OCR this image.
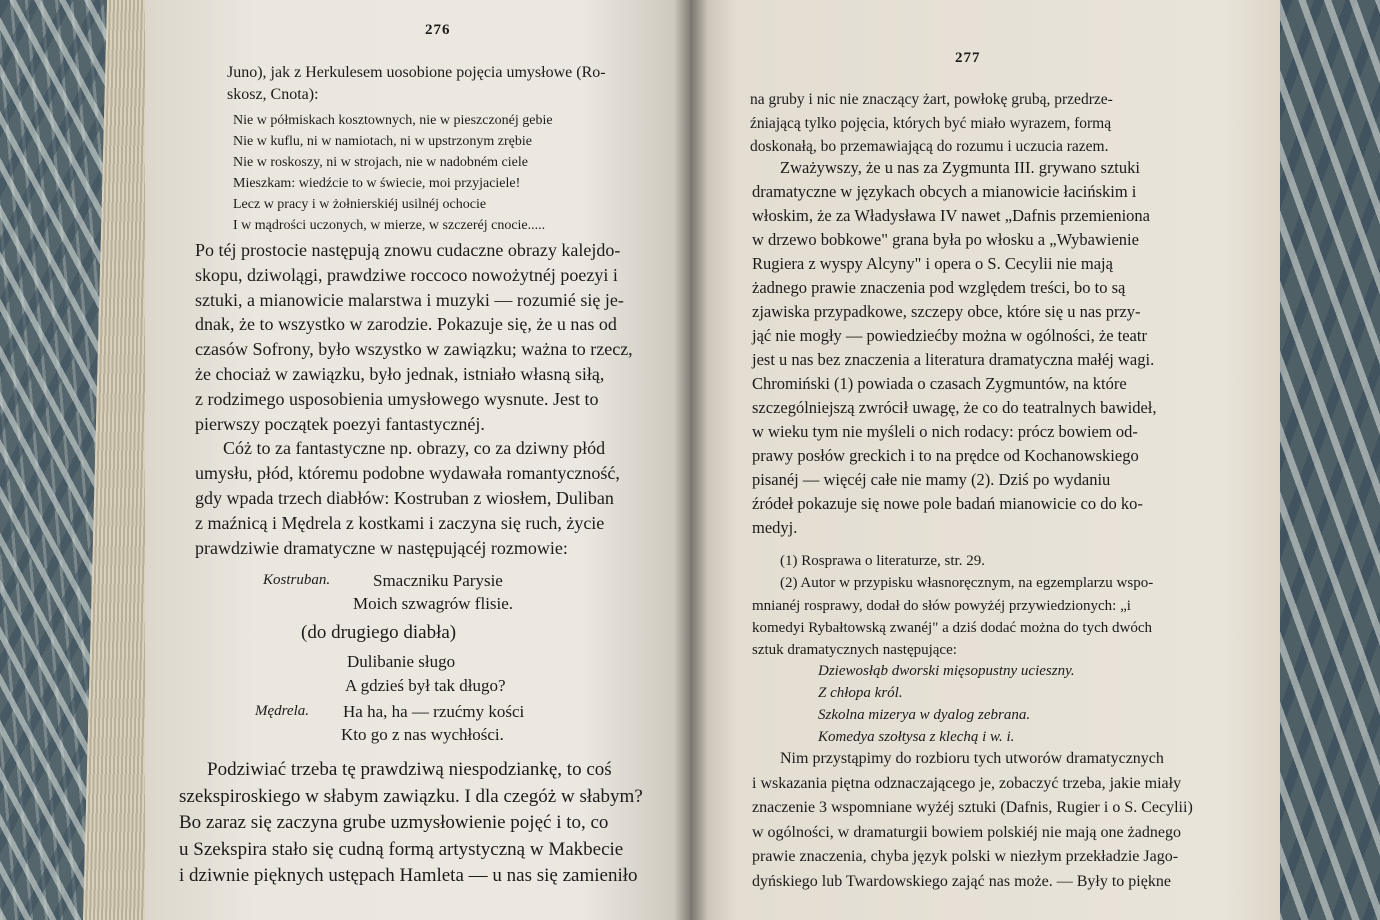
276
Juno), jak z Herkulesem uosobione pojęcia umysłowe (Ro-
skosz, Cnota):
Nie w półmiskach kosztownych, nie w pieszczonéj gebie
Nie w kuflu, ni w namiotach, ni w upstrzonym zrębie
Nie w roskoszy, ni w strojach, nie w nadobném ciele
Mieszkam: wiedźcie to w świecie, moi przyjaciele!
Lecz w pracy i w żołnierskiéj usilnéj ochocie
I w mądrości uczonych, w mierze, w szczeréj cnocie.....
Po téj prostocie następują znowu cudaczne obrazy kalejdo-
skopu, dziwolągi, prawdziwe roccoco nowożytnéj poezyi i
sztuki, a mianowicie malarstwa i muzyki — rozumié się je-
dnak, że to wszystko w zarodzie. Pokazuje się, że u nas od
czasów Sofrony, było wszystko w zawiązku; ważna to rzecz,
że chociaż w zawiązku, było jednak, istniało własną siłą,
z rodzimego usposobienia umysłowego wysnute. Jest to
pierwszy początek poezyi fantastycznéj.
Cóż to za fantastyczne np. obrazy, co za dziwny płód
umysłu, płód, któremu podobne wydawała romantyczność,
gdy wpada trzech diabłów: Kostruban z wiosłem, Duliban
z maźnicą i Mędrela z kostkami i zaczyna się ruch, życie
prawdziwie dramatyczne w następującéj rozmowie:
Kostruban.	Smaczniku Parysie
Moich szwagrów flisie.
(do drugiego diabła)
Dulibanie sługo
A gdzieś był tak długo?
Mędrela. Ha ha, ha — rzućmy kości
Kto go z nas wychłości.
Podziwiać trzeba tę prawdziwą niespodziankę, to coś
szekspiroskiego w słabym zawiązku. I dla czegóż w słabym?
Bo zaraz się zaczyna grube uzmysłowienie pojęć i to, co
u Szekspira stało się cudną formą artystyczną w Makbecie
i dziwnie pięknych ustępach Hamleta — u nas się zamieniło
277
na gruby i nic nie znaczący żart, powłokę grubą, przedrze-
źniającą tylko pojęcia, których być miało wyrazem, formą
doskonałą, bo przemawiającą do rozumu i uczucia razem.
Zważywszy, że u nas za Zygmunta III. grywano sztuki
dramatyczne w językach obcych a mianowicie łacińskim i
włoskim, że za Władysława IV nawet „Dafnis przemieniona
w drzewo bobkowe" grana była po włosku a „Wybawienie
Rugiera z wyspy Alcyny" i opera o S. Cecylii nie mają
żadnego prawie znaczenia pod względem treści, bo to są
zjawiska przypadkowe, szczepy obce, które się u nas przy-
jąć nie mogły — powiedziećby można w ogólności, że teatr
jest u nas bez znaczenia a literatura dramatyczna małéj wagi.
Chromiński (1) powiada o czasach Zygmuntów, na które
szczególniejszą zwrócił uwagę, że co do teatralnych bawideł,
w wieku tym nie myśleli o nich rodacy: prócz bowiem od-
prawy posłów greckich i to na prędce od Kochanowskiego
pisanéj — więcéj całe nie mamy (2). Dziś po wydaniu
źródeł pokazuje się nowe pole badań mianowicie co do ko-
medyj.
(1) Rosprawa o literaturze, str. 29.
(2) Autor w przypisku własnoręcznym, na egzemplarzu wspo-
mnianéj rosprawy, dodał do słów powyżéj przywiedzionych: „i
komedyi Rybałtowską zwanéj" a dziś dodać można do tych dwóch
sztuk dramatycznych następujące:
Dziewosłąb dworski mięsopustny ucieszny.
Z chłopa król.
Szkolna mizerya w dyalog zebrana.
Komedya szołtysa z klechą i w. i.
Nim przystąpimy do rozbioru tych utworów dramatycznych
i wskazania piętna odznaczającego je, zobaczyć trzeba, jakie miały
znaczenie 3 wspomniane wyżéj sztuki (Dafnis, Rugier i o S. Cecylii)
w ogólności, w dramaturgii bowiem polskiéj nie mają one żadnego
prawie znaczenia, chyba język polski w niezłym przekładzie Jago-
dyńskiego lub Twardowskiego zająć nas może. — Były to piękne
